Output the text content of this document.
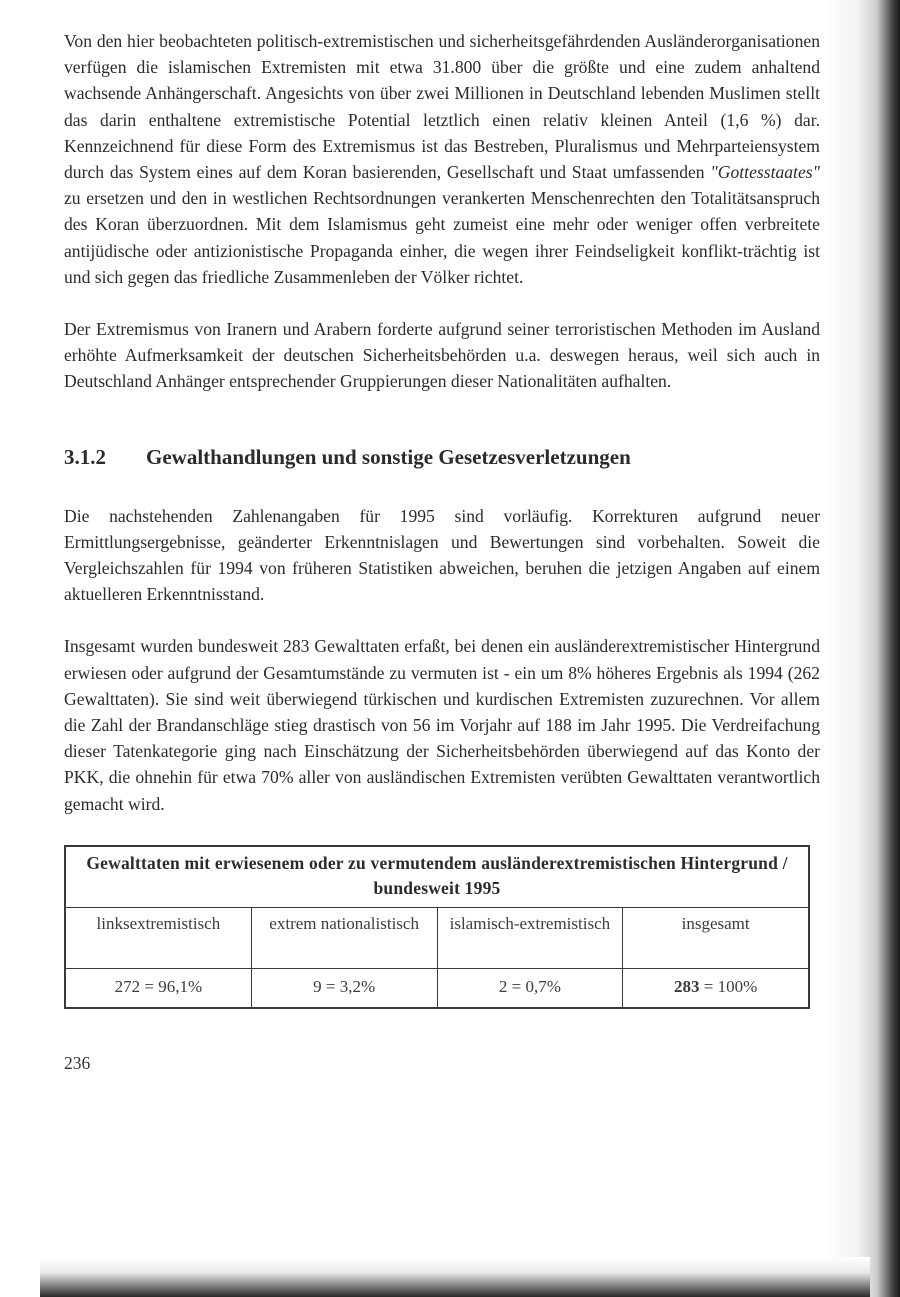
Von den hier beobachteten politisch-extremistischen und sicherheitsgefährdenden Ausländerorganisationen verfügen die islamischen Extremisten mit etwa 31.800 über die größte und eine zudem anhaltend wachsende Anhängerschaft. Angesichts von über zwei Millionen in Deutschland lebenden Muslimen stellt das darin enthaltene extremistische Potential letztlich einen relativ kleinen Anteil (1,6 %) dar. Kennzeichnend für diese Form des Extremismus ist das Bestreben, Pluralismus und Mehrparteiensystem durch das System eines auf dem Koran basierenden, Gesellschaft und Staat umfassenden "Gottesstaates" zu ersetzen und den in westlichen Rechtsordnungen verankerten Menschenrechten den Totalitätsanspruch des Koran überzuordnen. Mit dem Islamismus geht zumeist eine mehr oder weniger offen verbreitete antijüdische oder antizionistische Propaganda einher, die wegen ihrer Feindseligkeit konflikt-trächtig ist und sich gegen das friedliche Zusammenleben der Völker richtet.

Der Extremismus von Iranern und Arabern forderte aufgrund seiner terroristischen Methoden im Ausland erhöhte Aufmerksamkeit der deutschen Sicherheitsbehörden u.a. deswegen heraus, weil sich auch in Deutschland Anhänger entsprechender Gruppierungen dieser Nationalitäten aufhalten.

3.1.2	Gewalthandlungen und sonstige Gesetzesverletzungen

Die nachstehenden Zahlenangaben für 1995 sind vorläufig. Korrekturen aufgrund neuer Ermittlungsergebnisse, geänderter Erkenntnislagen und Bewertungen sind vorbehalten. Soweit die Vergleichszahlen für 1994 von früheren Statistiken abweichen, beruhen die jetzigen Angaben auf einem aktuelleren Erkenntnisstand.

Insgesamt wurden bundesweit 283 Gewalttaten erfaßt, bei denen ein ausländerextremistischer Hintergrund erwiesen oder aufgrund der Gesamtumstände zu vermuten ist - ein um 8% höheres Ergebnis als 1994 (262 Gewalttaten). Sie sind weit überwiegend türkischen und kurdischen Extremisten zuzurechnen. Vor allem die Zahl der Brandanschläge stieg drastisch von 56 im Vorjahr auf 188 im Jahr 1995. Die Verdreifachung dieser Tatenkategorie ging nach Einschätzung der Sicherheitsbehörden überwiegend auf das Konto der PKK, die ohnehin für etwa 70% aller von ausländischen Extremisten verübten Gewalttaten verantwortlich gemacht wird.

Gewalttaten mit erwiesenem oder zu vermutendem ausländerextremistischen Hintergrund / bundesweit 1995
linksextremistisch	extrem nationalistisch	islamisch-extremistisch	insgesamt
272 = 96,1%	9 = 3,2%	2 = 0,7%	283 = 100%
236
